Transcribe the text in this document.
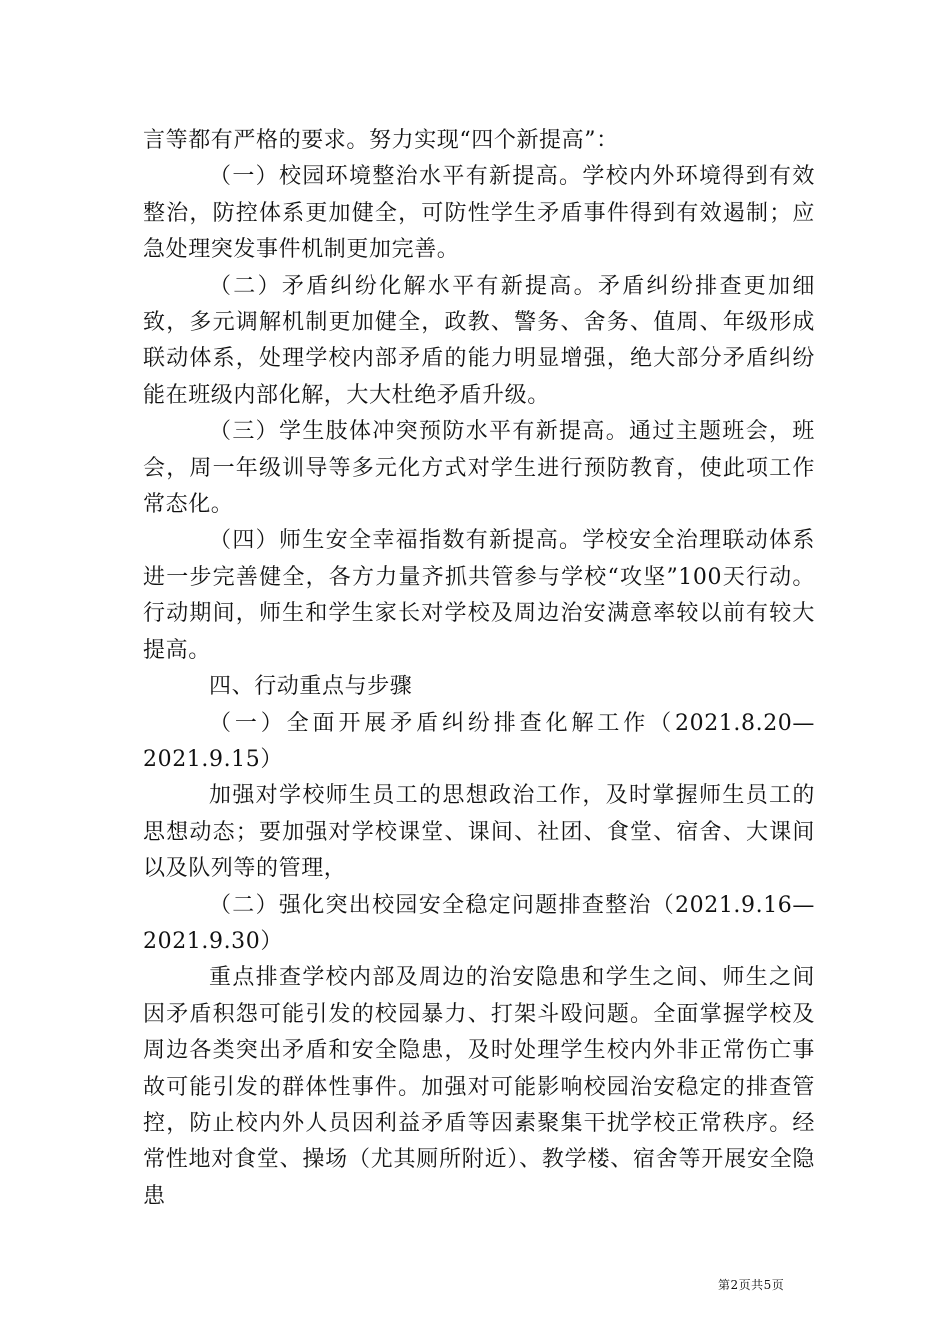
言等都有严格的要求。努力实现“四个新提高”：

（一）校园环境整治水平有新提高。学校内外环境得到有效整治，防控体系更加健全，可防性学生矛盾事件得到有效遏制；应急处理突发事件机制更加完善。

（二）矛盾纠纷化解水平有新提高。矛盾纠纷排查更加细致，多元调解机制更加健全，政教、警务、舍务、值周、年级形成联动体系，处理学校内部矛盾的能力明显增强，绝大部分矛盾纠纷能在班级内部化解，大大杜绝矛盾升级。

（三）学生肢体冲突预防水平有新提高。通过主题班会，班会，周一年级训导等多元化方式对学生进行预防教育，使此项工作常态化。

（四）师生安全幸福指数有新提高。学校安全治理联动体系进一步完善健全，各方力量齐抓共管参与学校“攻坚”100天行动。行动期间，师生和学生家长对学校及周边治安满意率较以前有较大提高。

四、行动重点与步骤

（一）全面开展矛盾纠纷排查化解工作（2021.8.20—2021.9.15）

加强对学校师生员工的思想政治工作，及时掌握师生员工的思想动态；要加强对学校课堂、课间、社团、食堂、宿舍、大课间以及队列等的管理，

（二）强化突出校园安全稳定问题排查整治（2021.9.16—2021.9.30）

重点排查学校内部及周边的治安隐患和学生之间、师生之间因矛盾积怨可能引发的校园暴力、打架斗殴问题。全面掌握学校及周边各类突出矛盾和安全隐患，及时处理学生校内外非正常伤亡事故可能引发的群体性事件。加强对可能影响校园治安稳定的排查管控，防止校内外人员因利益矛盾等因素聚集干扰学校正常秩序。经常性地对食堂、操场（尤其厕所附近）、教学楼、宿舍等开展安全隐患

第2页共5页
